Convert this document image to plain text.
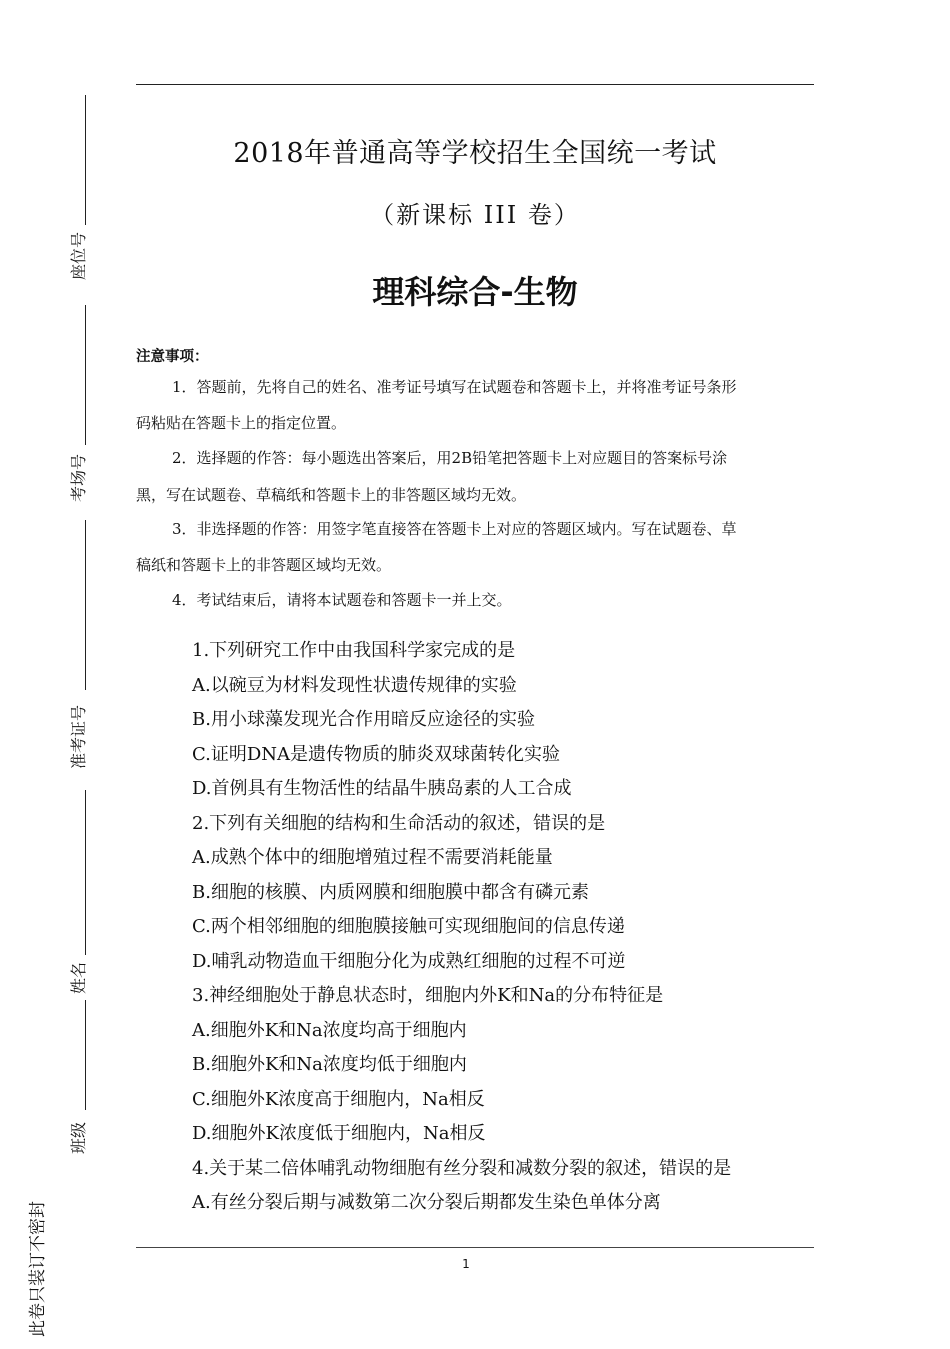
2018年普通高等学校招生全国统一考试
（新课标 III 卷）
理科综合-生物
注意事项：
1．答题前，先将自己的姓名、准考证号填写在试题卷和答题卡上，并将准考证号条形
码粘贴在答题卡上的指定位置。
2．选择题的作答：每小题选出答案后，用2B铅笔把答题卡上对应题目的答案标号涂
黑，写在试题卷、草稿纸和答题卡上的非答题区域均无效。
3．非选择题的作答：用签字笔直接答在答题卡上对应的答题区域内。写在试题卷、草
稿纸和答题卡上的非答题区域均无效。
4．考试结束后，请将本试题卷和答题卡一并上交。
1.下列研究工作中由我国科学家完成的是
A.以碗豆为材料发现性状遗传规律的实验
B.用小球藻发现光合作用暗反应途径的实验
C.证明DNA是遗传物质的肺炎双球菌转化实验
D.首例具有生物活性的结晶牛胰岛素的人工合成
2.下列有关细胞的结构和生命活动的叙述，错误的是
A.成熟个体中的细胞增殖过程不需要消耗能量
B.细胞的核膜、内质网膜和细胞膜中都含有磷元素
C.两个相邻细胞的细胞膜接触可实现细胞间的信息传递
D.哺乳动物造血干细胞分化为成熟红细胞的过程不可逆
3.神经细胞处于静息状态时，细胞内外K和Na的分布特征是
A.细胞外K和Na浓度均高于细胞内
B.细胞外K和Na浓度均低于细胞内
C.细胞外K浓度高于细胞内，Na相反
D.细胞外K浓度低于细胞内，Na相反
4.关于某二倍体哺乳动物细胞有丝分裂和减数分裂的叙述，错误的是
A.有丝分裂后期与减数第二次分裂后期都发生染色单体分离
1
座位号
考场号
准考证号
姓名
班级
此卷只装订不密封
